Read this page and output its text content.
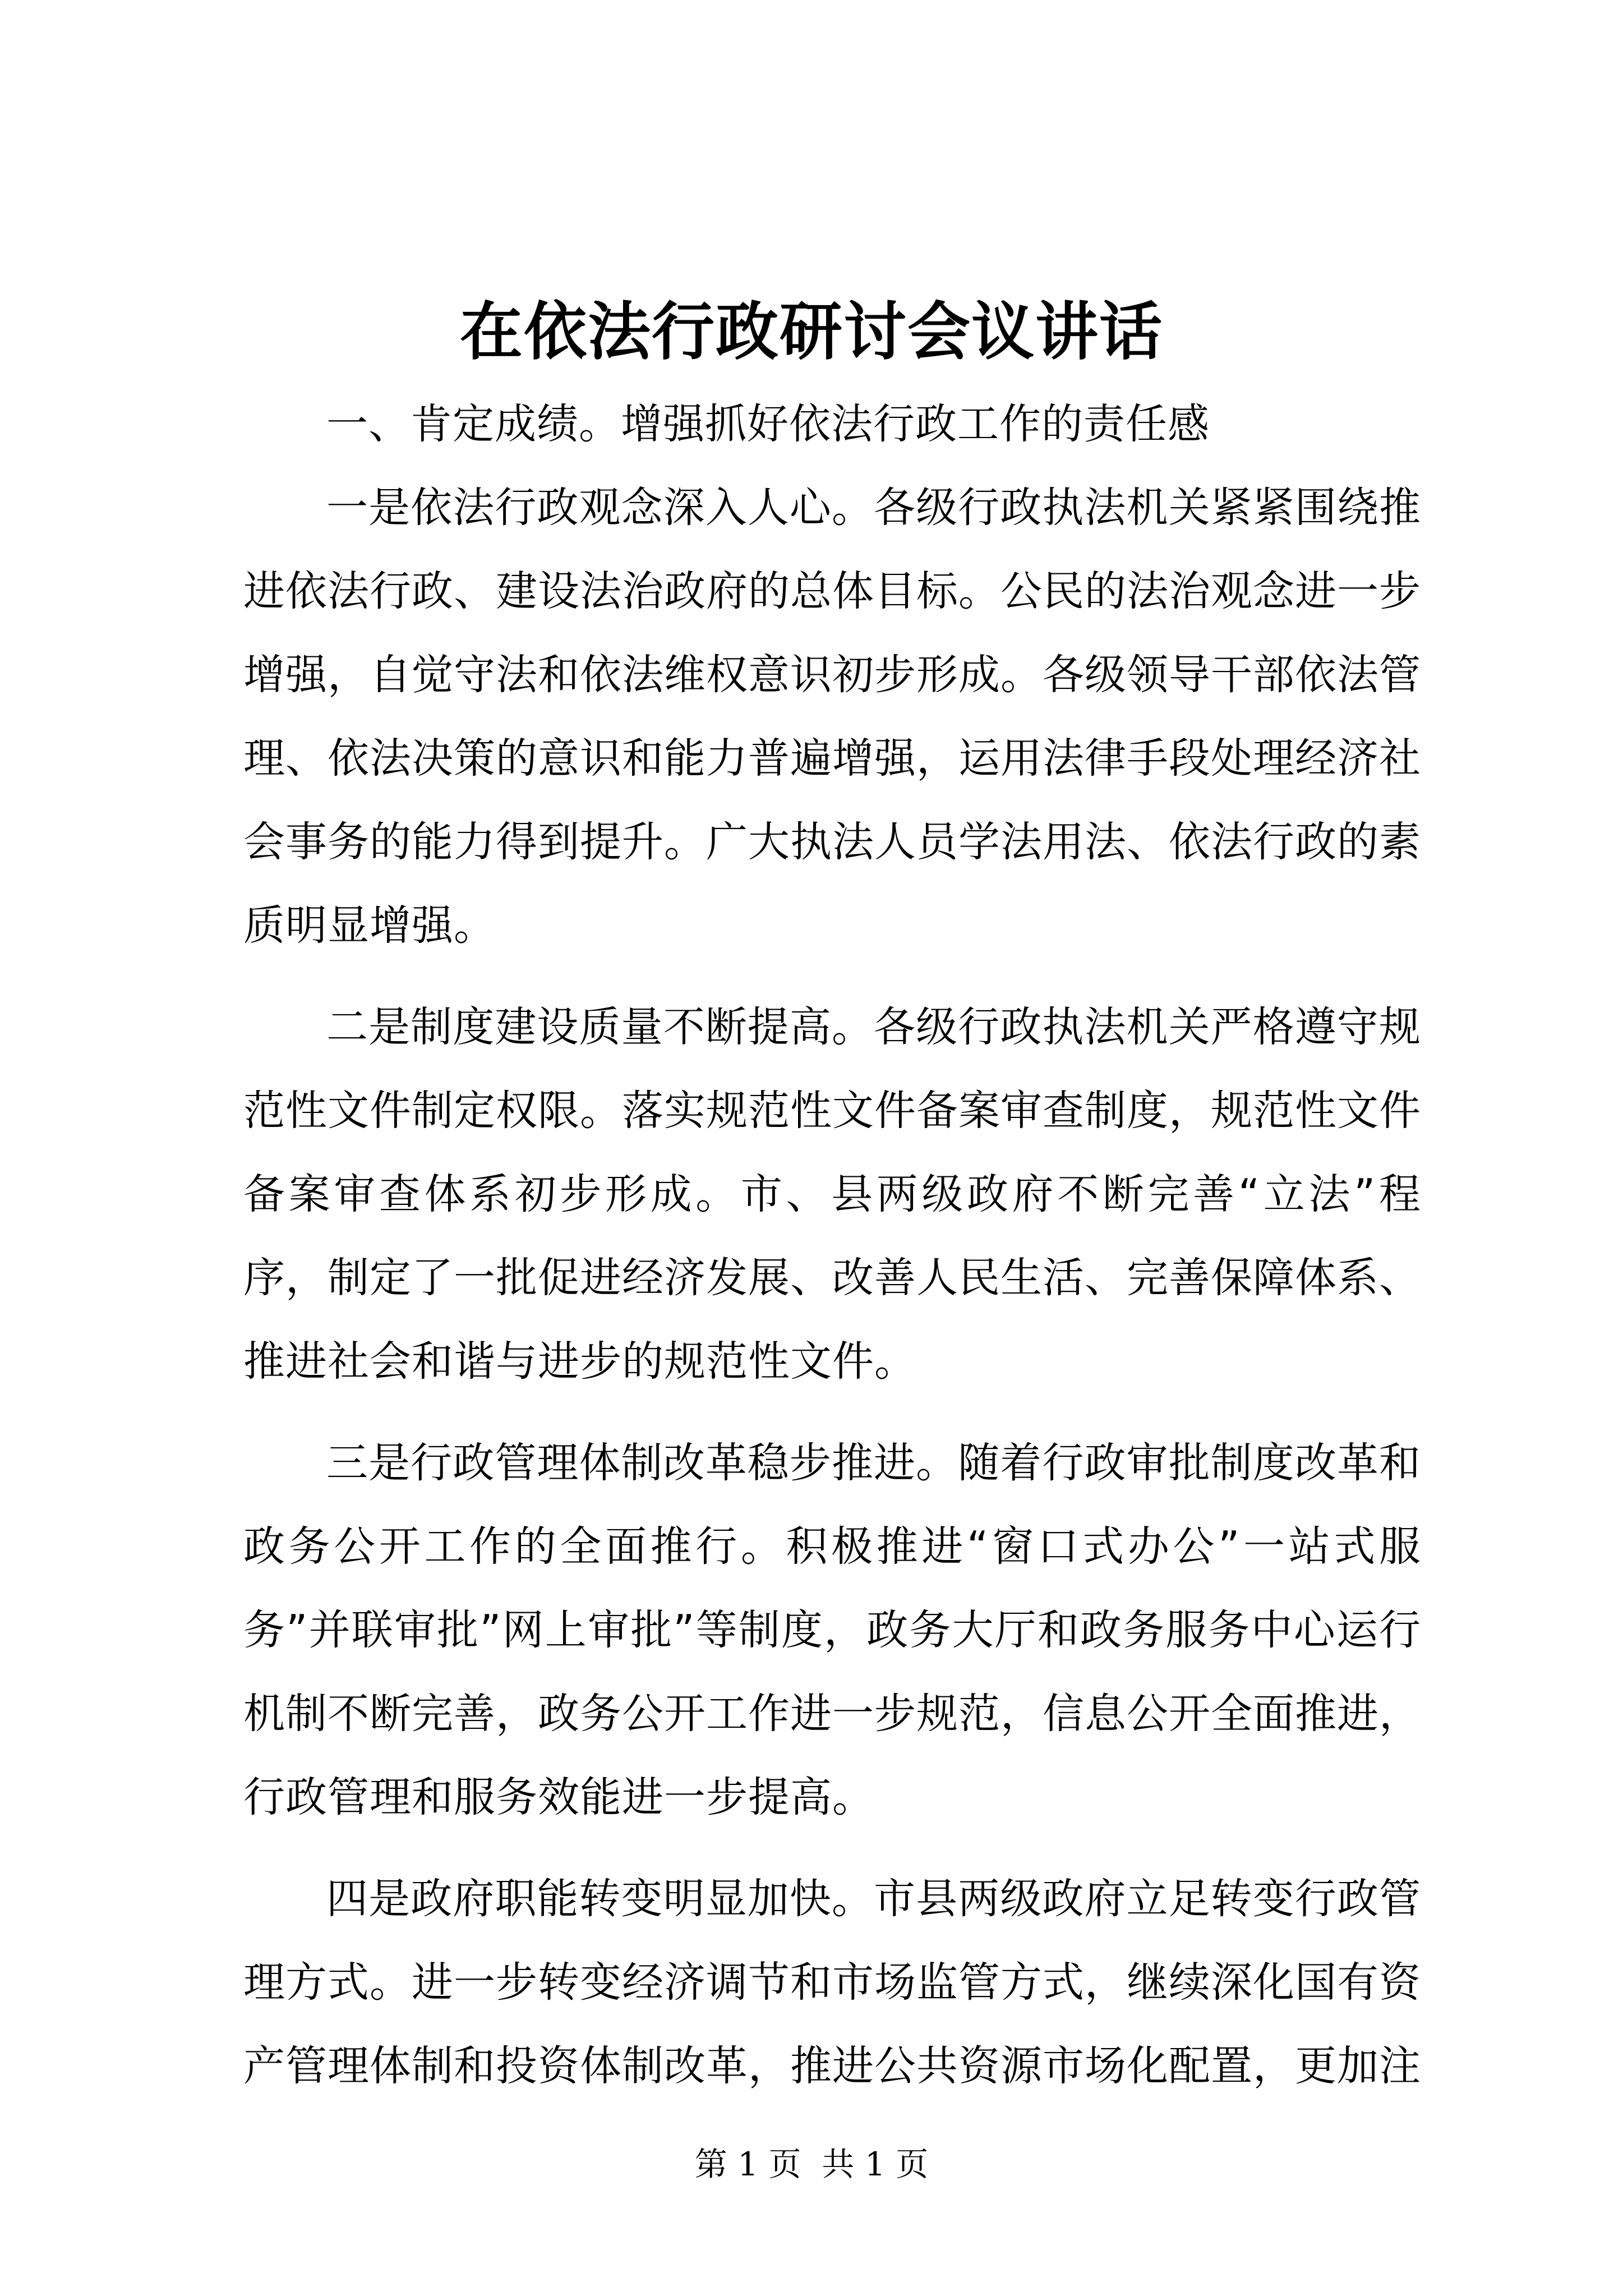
在依法行政研讨会议讲话

一、肯定成绩。增强抓好依法行政工作的责任感

一是依法行政观念深入人心。各级行政执法机关紧紧围绕推进依法行政、建设法治政府的总体目标。公民的法治观念进一步增强，自觉守法和依法维权意识初步形成。各级领导干部依法管理、依法决策的意识和能力普遍增强，运用法律手段处理经济社会事务的能力得到提升。广大执法人员学法用法、依法行政的素质明显增强。

二是制度建设质量不断提高。各级行政执法机关严格遵守规范性文件制定权限。落实规范性文件备案审查制度，规范性文件备案审查体系初步形成。市、县两级政府不断完善“立法”程序，制定了一批促进经济发展、改善人民生活、完善保障体系、推进社会和谐与进步的规范性文件。

三是行政管理体制改革稳步推进。随着行政审批制度改革和政务公开工作的全面推行。积极推进“窗口式办公”一站式服务”并联审批”网上审批”等制度，政务大厅和政务服务中心运行机制不断完善，政务公开工作进一步规范，信息公开全面推进，行政管理和服务效能进一步提高。

四是政府职能转变明显加快。市县两级政府立足转变行政管理方式。进一步转变经济调节和市场监管方式，继续深化国有资产管理体制和投资体制改革，推进公共资源市场化配置，更加注

第 1 页  共 1 页
